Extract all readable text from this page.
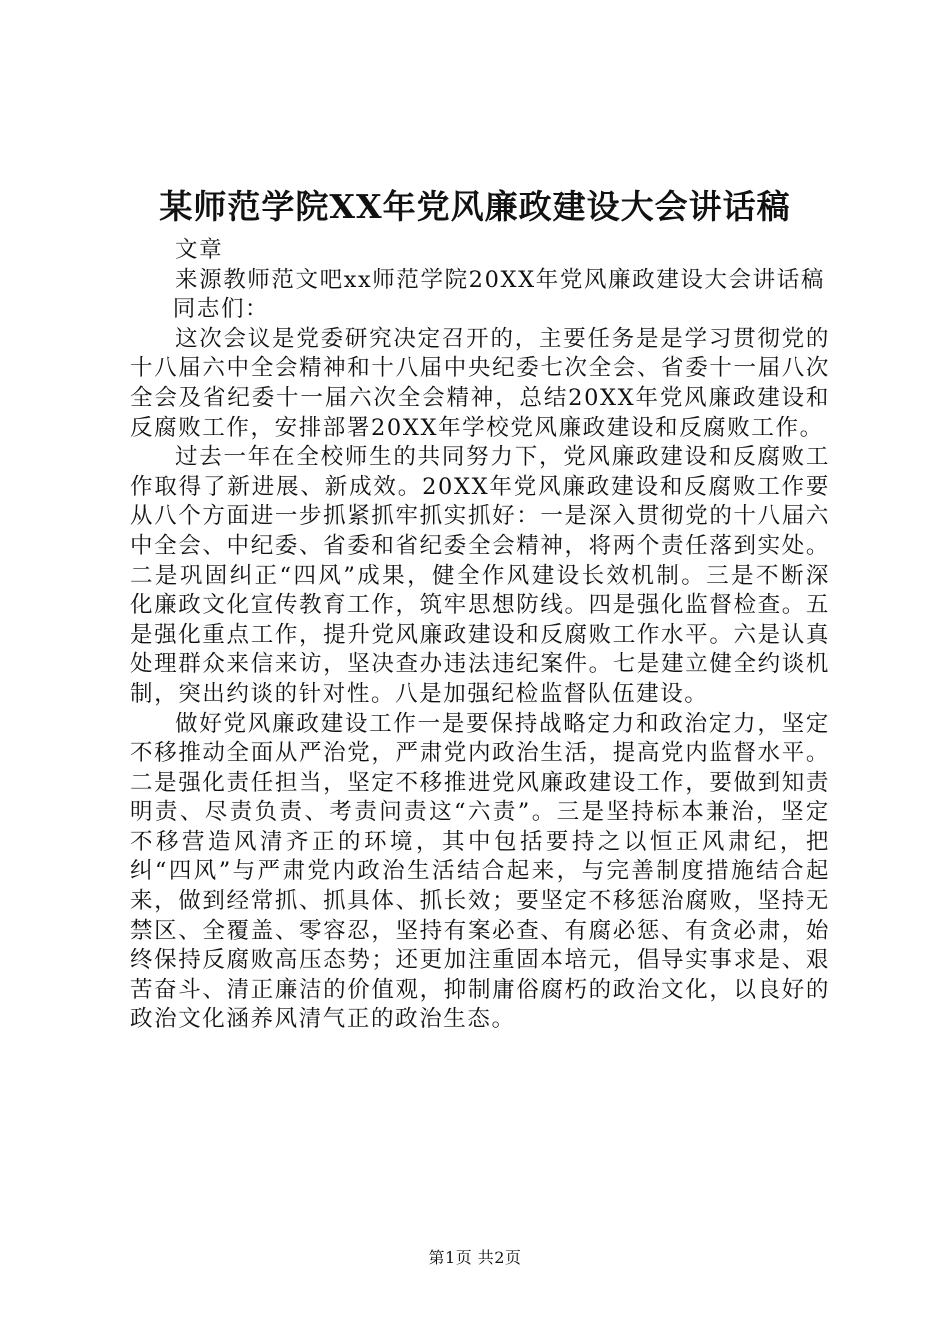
某师范学院XX年党风廉政建设大会讲话稿

文章

来源教师范文吧xx师范学院20XX年党风廉政建设大会讲话稿

同志们：

这次会议是党委研究决定召开的，主要任务是是学习贯彻党的十八届六中全会精神和十八届中央纪委七次全会、省委十一届八次全会及省纪委十一届六次全会精神，总结20XX年党风廉政建设和反腐败工作，安排部署20XX年学校党风廉政建设和反腐败工作。

过去一年在全校师生的共同努力下，党风廉政建设和反腐败工作取得了新进展、新成效。20XX年党风廉政建设和反腐败工作要从八个方面进一步抓紧抓牢抓实抓好：一是深入贯彻党的十八届六中全会、中纪委、省委和省纪委全会精神，将两个责任落到实处。二是巩固纠正“四风”成果，健全作风建设长效机制。三是不断深化廉政文化宣传教育工作，筑牢思想防线。四是强化监督检查。五是强化重点工作，提升党风廉政建设和反腐败工作水平。六是认真处理群众来信来访，坚决查办违法违纪案件。七是建立健全约谈机制，突出约谈的针对性。八是加强纪检监督队伍建设。

做好党风廉政建设工作一是要保持战略定力和政治定力，坚定不移推动全面从严治党，严肃党内政治生活，提高党内监督水平。二是强化责任担当，坚定不移推进党风廉政建设工作，要做到知责明责、尽责负责、考责问责这“六责”。三是坚持标本兼治，坚定不移营造风清齐正的环境，其中包括要持之以恒正风肃纪，把纠“四风”与严肃党内政治生活结合起来，与完善制度措施结合起来，做到经常抓、抓具体、抓长效；要坚定不移惩治腐败，坚持无禁区、全覆盖、零容忍，坚持有案必查、有腐必惩、有贪必肃，始终保持反腐败高压态势；还更加注重固本培元，倡导实事求是、艰苦奋斗、清正廉洁的价值观，抑制庸俗腐朽的政治文化，以良好的政治文化涵养风清气正的政治生态。

第1页 共2页
